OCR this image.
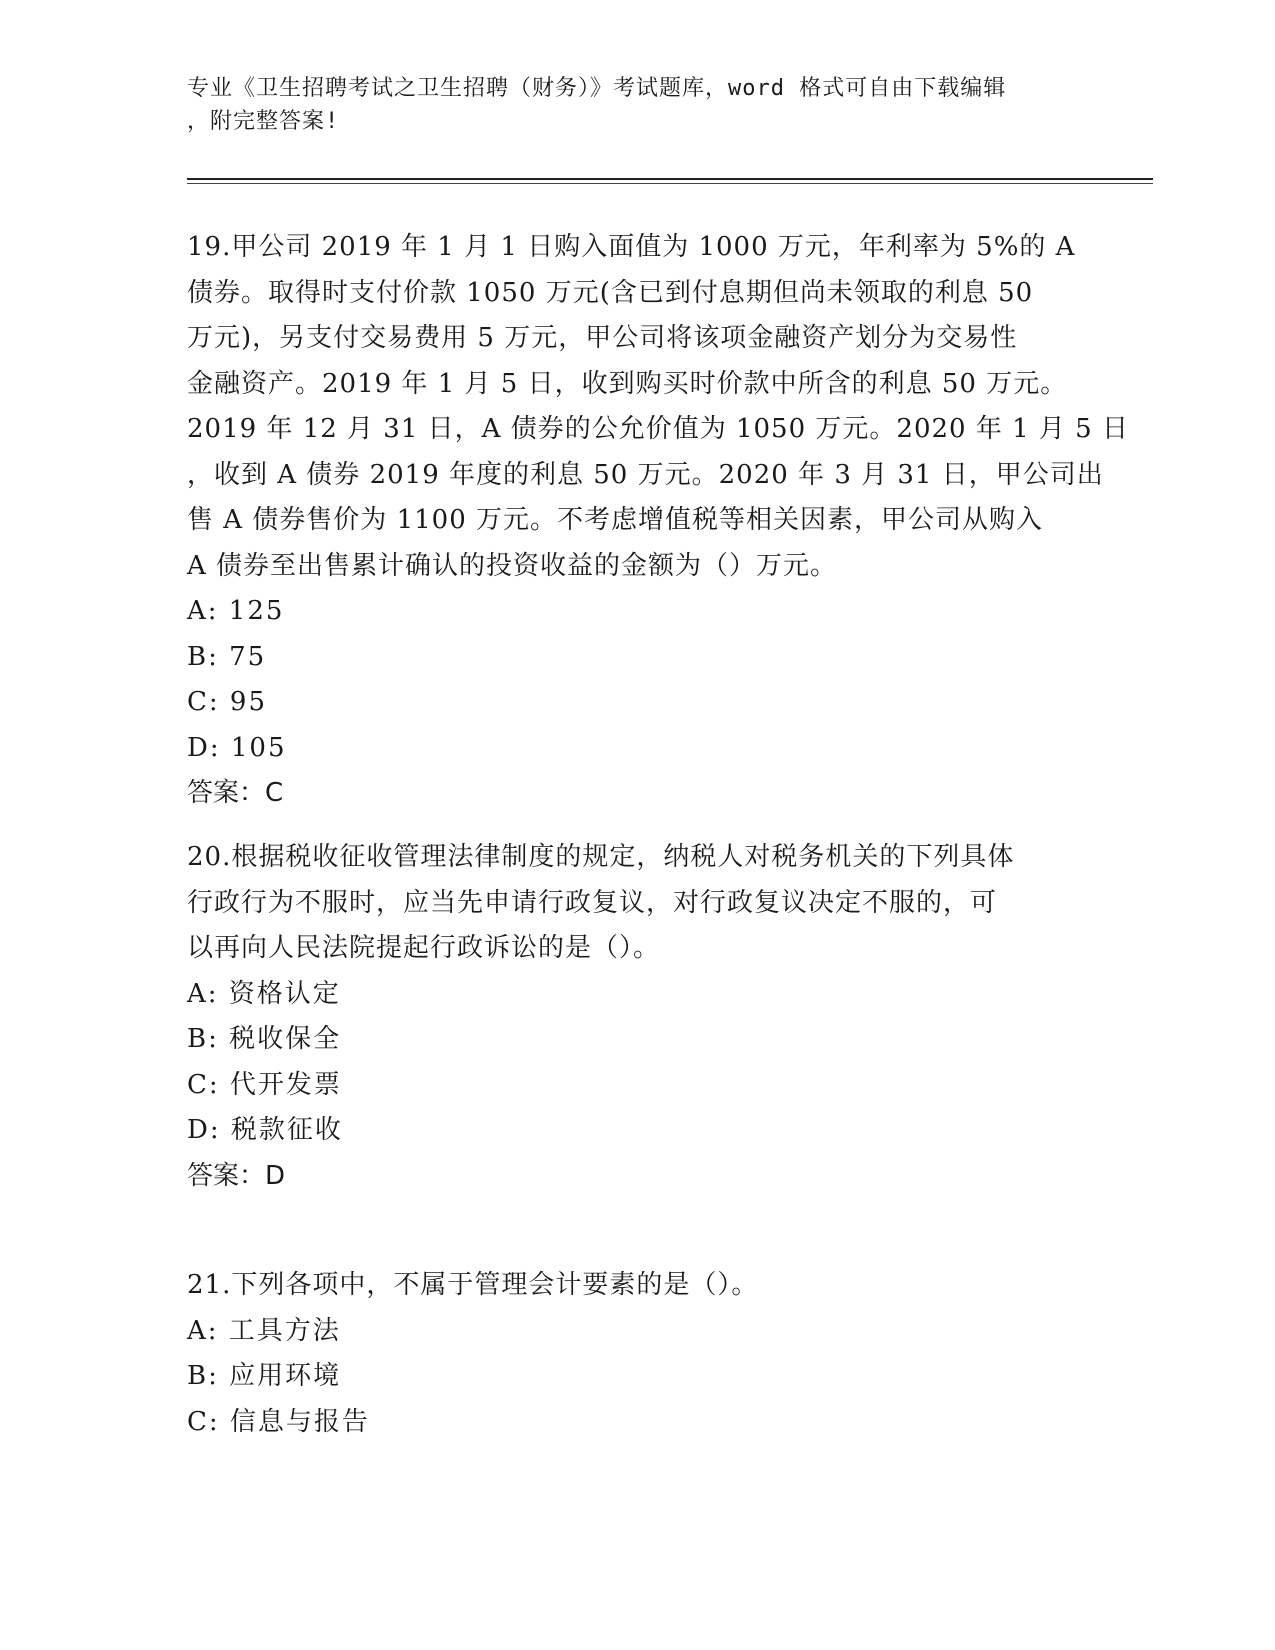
专业《卫生招聘考试之卫生招聘（财务）》考试题库，word 格式可自由下载编辑
，附完整答案!
19.甲公司 2019 年 1 月 1 日购入面值为 1000 万元，年利率为 5%的 A
债券。取得时支付价款 1050 万元(含已到付息期但尚未领取的利息 50
万元)，另支付交易费用 5 万元，甲公司将该项金融资产划分为交易性
金融资产。2019 年 1 月 5 日，收到购买时价款中所含的利息 50 万元。
2019 年 12 月 31 日，A 债券的公允价值为 1050 万元。2020 年 1 月 5 日
，收到 A 债券 2019 年度的利息 50 万元。2020 年 3 月 31 日，甲公司出
售 A 债券售价为 1100 万元。不考虑增值税等相关因素，甲公司从购入
A 债券至出售累计确认的投资收益的金额为（）万元。
A: 125
B: 75
C: 95
D: 105
答案：C
20.根据税收征收管理法律制度的规定，纳税人对税务机关的下列具体
行政行为不服时，应当先申请行政复议，对行政复议决定不服的，可
以再向人民法院提起行政诉讼的是（）。
A: 资格认定
B: 税收保全
C: 代开发票
D: 税款征收
答案：D
21.下列各项中，不属于管理会计要素的是（）。
A: 工具方法
B: 应用环境
C: 信息与报告
